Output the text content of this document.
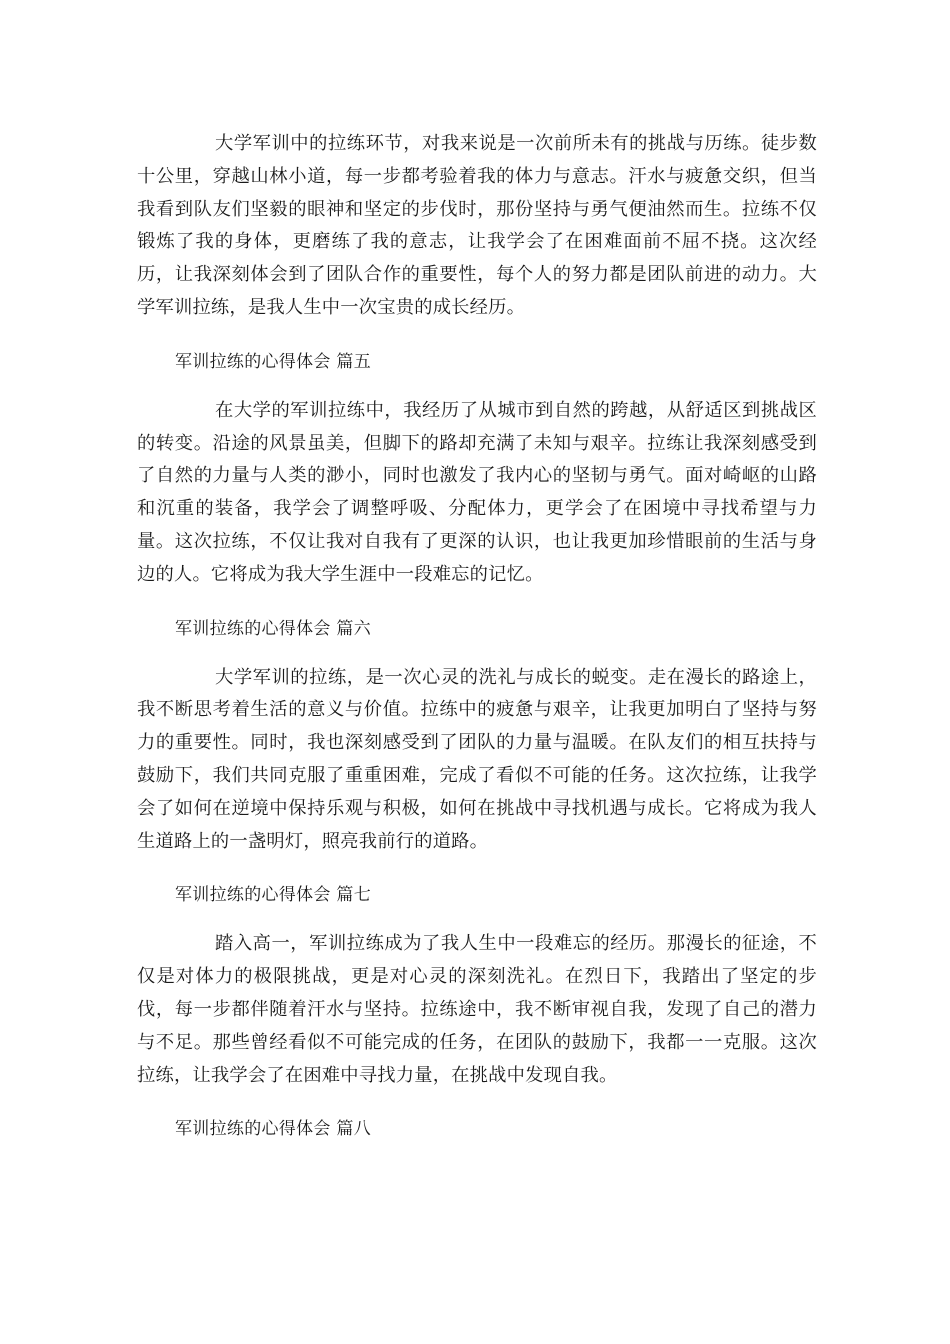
大学军训中的拉练环节，对我来说是一次前所未有的挑战与历练。徒步数十公里，穿越山林小道，每一步都考验着我的体力与意志。汗水与疲惫交织，但当我看到队友们坚毅的眼神和坚定的步伐时，那份坚持与勇气便油然而生。拉练不仅锻炼了我的身体，更磨练了我的意志，让我学会了在困难面前不屈不挠。这次经历，让我深刻体会到了团队合作的重要性，每个人的努力都是团队前进的动力。大学军训拉练，是我人生中一次宝贵的成长经历。

军训拉练的心得体会 篇五

在大学的军训拉练中，我经历了从城市到自然的跨越，从舒适区到挑战区的转变。沿途的风景虽美，但脚下的路却充满了未知与艰辛。拉练让我深刻感受到了自然的力量与人类的渺小，同时也激发了我内心的坚韧与勇气。面对崎岖的山路和沉重的装备，我学会了调整呼吸、分配体力，更学会了在困境中寻找希望与力量。这次拉练，不仅让我对自我有了更深的认识，也让我更加珍惜眼前的生活与身边的人。它将成为我大学生涯中一段难忘的记忆。

军训拉练的心得体会 篇六

大学军训的拉练，是一次心灵的洗礼与成长的蜕变。走在漫长的路途上，我不断思考着生活的意义与价值。拉练中的疲惫与艰辛，让我更加明白了坚持与努力的重要性。同时，我也深刻感受到了团队的力量与温暖。在队友们的相互扶持与鼓励下，我们共同克服了重重困难，完成了看似不可能的任务。这次拉练，让我学会了如何在逆境中保持乐观与积极，如何在挑战中寻找机遇与成长。它将成为我人生道路上的一盏明灯，照亮我前行的道路。

军训拉练的心得体会 篇七

踏入高一，军训拉练成为了我人生中一段难忘的经历。那漫长的征途，不仅是对体力的极限挑战，更是对心灵的深刻洗礼。在烈日下，我踏出了坚定的步伐，每一步都伴随着汗水与坚持。拉练途中，我不断审视自我，发现了自己的潜力与不足。那些曾经看似不可能完成的任务，在团队的鼓励下，我都一一克服。这次拉练，让我学会了在困难中寻找力量，在挑战中发现自我。

军训拉练的心得体会 篇八
